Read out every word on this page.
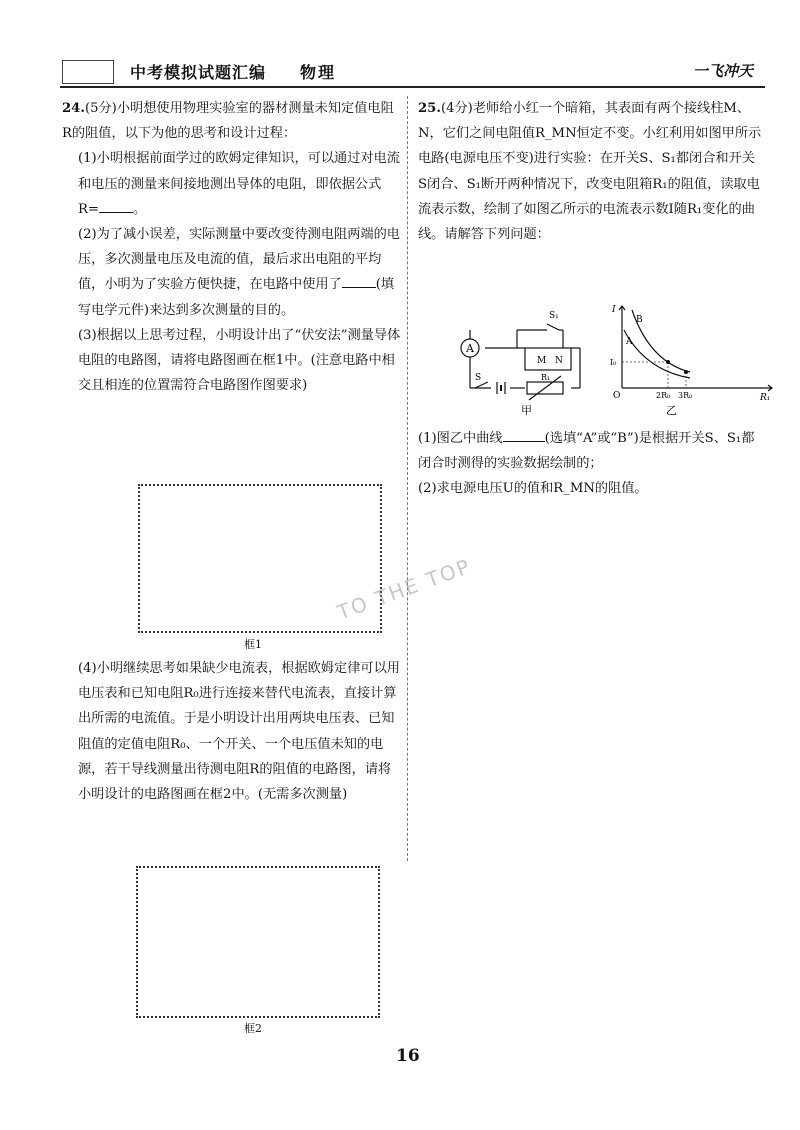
中考模拟试题汇编 物理	一飞冲天

24.(5分)小明想使用物理实验室的器材测量未知定值电阻R的阻值，以下为他的思考和设计过程：

(1)小明根据前面学过的欧姆定律知识，可以通过对电流和电压的测量来间接地测出导体的电阻，即依据公式R=	。

(2)为了减小误差，实际测量中要改变待测电阻两端的电压，多次测量电压及电流的值，最后求出电阻的平均值，小明为了实验方便快捷，在电路中使用了	(填写电学元件)来达到多次测量的目的。

(3)根据以上思考过程，小明设计出了“伏安法”测量导体电阻的电路图，请将电路图画在框1中。(注意电路中相交且相连的位置需符合电路图作图要求)

框1

(4)小明继续思考如果缺少电流表，根据欧姆定律可以用电压表和已知电阻R₀进行连接来替代电流表，直接计算出所需的电流值。于是小明设计出用两块电压表、已知阻值的定值电阻R₀、一个开关、一个电压值未知的电源，若干导线测量出待测电阻R的阻值的电路图，请将小明设计的电路图画在框2中。(无需多次测量)

框2

25.(4分)老师给小红一个暗箱，其表面有两个接线柱M、N，它们之间电阻值R_MN恒定不变。小红利用如图甲所示电路(电源电压不变)进行实验：在开关S、S₁都闭合和开关S闭合、S₁断开两种情况下，改变电阻箱R₁的阻值，读取电流表示数，绘制了如图乙所示的电流表示数I随R₁变化的曲线。请解答下列问题：

A
S₁
M N
S	R₁
甲
I
B
A
I₀
O	2R₀ 3R₀	R₁
乙

(1)图乙中曲线	(选填“A”或“B”)是根据开关S、S₁都闭合时测得的实验数据绘制的；

(2)求电源电压U的值和R_MN的阻值。

TO THE TOP
16
